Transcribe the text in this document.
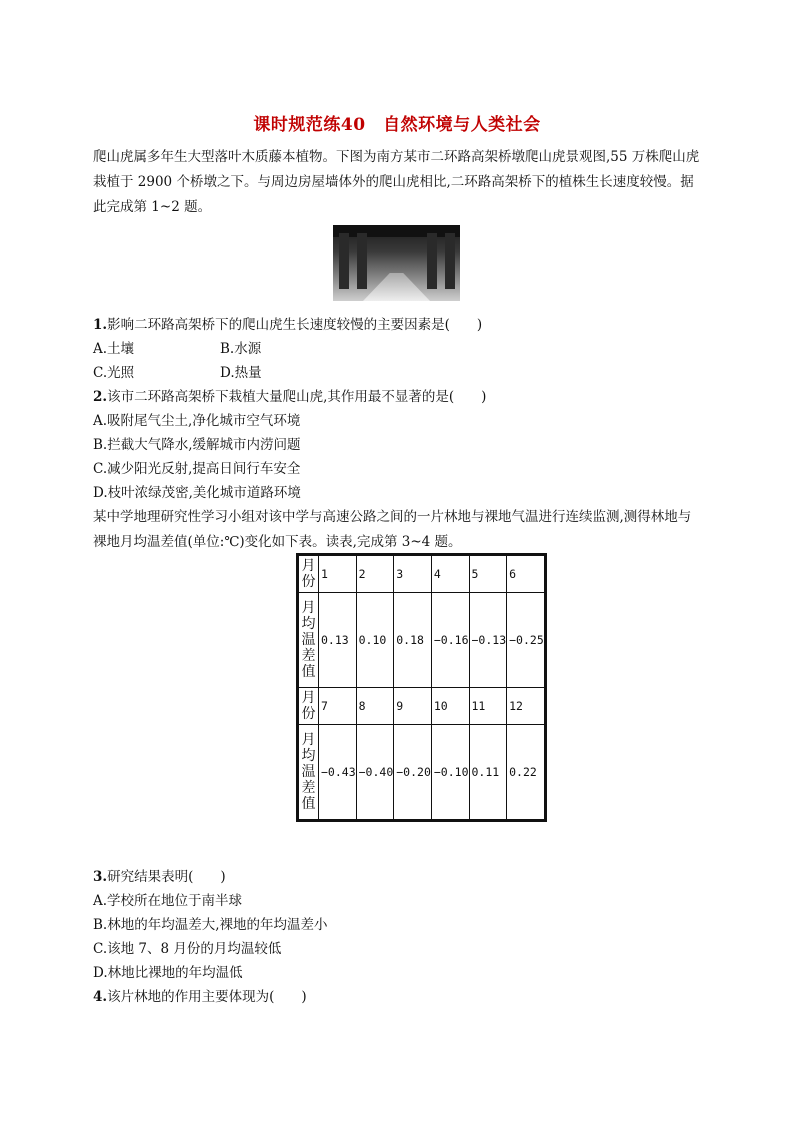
课时规范练40　自然环境与人类社会
爬山虎属多年生大型落叶木质藤本植物。下图为南方某市二环路高架桥墩爬山虎景观图,55 万株爬山虎栽植于 2900 个桥墩之下。与周边房屋墙体外的爬山虎相比,二环路高架桥下的植株生长速度较慢。据此完成第 1~2 题。
1.影响二环路高架桥下的爬山虎生长速度较慢的主要因素是(　　)
A.土壤	B.水源
C.光照	D.热量
2.该市二环路高架桥下栽植大量爬山虎,其作用最不显著的是(　　)
A.吸附尾气尘土,净化城市空气环境
B.拦截大气降水,缓解城市内涝问题
C.减少阳光反射,提高日间行车安全
D.枝叶浓绿茂密,美化城市道路环境
某中学地理研究性学习小组对该中学与高速公路之间的一片林地与裸地气温进行连续监测,测得林地与裸地月均温差值(单位:℃)变化如下表。读表,完成第 3~4 题。
月份	1	2	3	4	5	6
月均温差值	0.13	0.10	0.18	−0.16	−0.13	−0.25
月份	7	8	9	10	11	12
月均温差值	−0.43	−0.40	−0.20	−0.10	0.11	0.22
3.研究结果表明(　　)
A.学校所在地位于南半球
B.林地的年均温差大,裸地的年均温差小
C.该地 7、8 月份的月均温较低
D.林地比裸地的年均温低
4.该片林地的作用主要体现为(　　)
